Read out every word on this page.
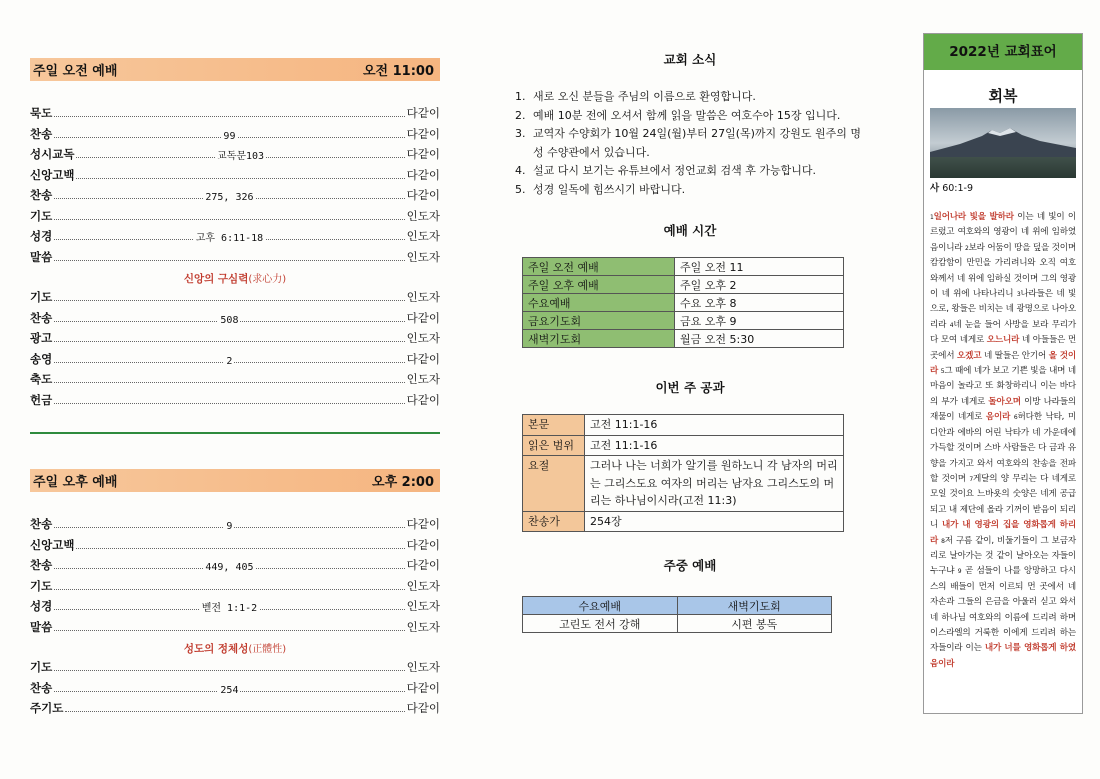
주일 오전 예배	오전 11:00
묵도	다같이
찬송	99	다같이
성시교독	교독문103	다같이
신앙고백	다같이
찬송	275, 326	다같이
기도	인도자
성경	고후 6:11-18	인도자
말씀	인도자
신앙의 구심력(求心力)
기도	인도자
찬송	508	다같이
광고	인도자
송영	2	다같이
축도	인도자
헌금	다같이
주일 오후 예배	오후 2:00
찬송	9	다같이
신앙고백	다같이
찬송	449, 405	다같이
기도	인도자
성경	벧전 1:1-2	인도자
말씀	인도자
성도의 정체성(正體性)
기도	인도자
찬송	254	다같이
주기도	다같이
교회 소식
1. 새로 오신 분들을 주님의 이름으로 환영합니다.
2. 예배 10분 전에 오셔서 함께 읽을 말씀은 여호수아 15장 입니다.
3. 교역자 수양회가 10월 24일(월)부터 27일(목)까지 강원도 원주의 명성 수양관에서 있습니다.
4. 설교 다시 보기는 유튜브에서 정언교회 검색 후 가능합니다.
5. 성경 일독에 힘쓰시기 바랍니다.
예배 시간
주일 오전 예배	주일 오전 11
주일 오후 예배	주일 오후 2
수요예배	수요 오후 8
금요기도회	금요 오후 9
새벽기도회	월금 오전 5:30
이번 주 공과
본문	고전 11:1-16
읽은 범위	고전 11:1-16
요절	그러나 나는 너희가 알기를 원하노니 각 남자의 머리는 그리스도요 여자의 머리는 남자요 그리스도의 머리는 하나님이시라(고전 11:3)
찬송가	254장
주중 예배
수요예배	새벽기도회
고린도 전서 강해	시편 봉독
2022년 교회표어
회복
사 60:1-9
$^1$일어나라 빛을 발하라 이는 네 빛이 이르렀고 여호와의 영광이 네 위에 임하였음이니라 $^2$보라 어둠이 땅을 덮을 것이며 캄캄함이 만민을 가리려니와 오직 여호와께서 네 위에 임하실 것이며 그의 영광이 네 위에 나타나리니 $^3$나라들은 네 빛으로, 왕들은 비치는 네 광명으로 나아오리라 $^4$네 눈을 들어 사방을 보라 무리가 다 모여 네게로 오느니라 네 아들들은 먼 곳에서 오겠고 네 딸들은 안기어 올 것이라 $^5$그 때에 네가 보고 기쁜 빛을 내며 네 마음이 놀라고 또 화창하리니 이는 바다의 부가 네게로 돌아오며 이방 나라들의 재물이 네게로 옴이라 $^6$허다한 낙타, 미디안과 에바의 어린 낙타가 네 가운데에 가득할 것이며 스바 사람들은 다 금과 유향을 가지고 와서 여호와의 찬송을 전파할 것이며 $^7$게달의 양 무리는 다 네게로 모일 것이요 느바욧의 숫양은 네게 공급되고 내 제단에 올라 기꺼이 받음이 되리니 내가 내 영광의 집을 영화롭게 하리라 $^8$저 구름 같이, 비둘기들이 그 보금자리로 날아가는 것 같이 날아오는 자들이 누구냐 $^9$ 곧 섬들이 나를 앙망하고 다시스의 배들이 먼저 이르되 먼 곳에서 네 자손과 그들의 은금을 아울러 싣고 와서 네 하나님 여호와의 이름에 드리려 하며 이스라엘의 거룩한 이에게 드리려 하는 자들이라 이는 내가 너를 영화롭게 하였음이라
